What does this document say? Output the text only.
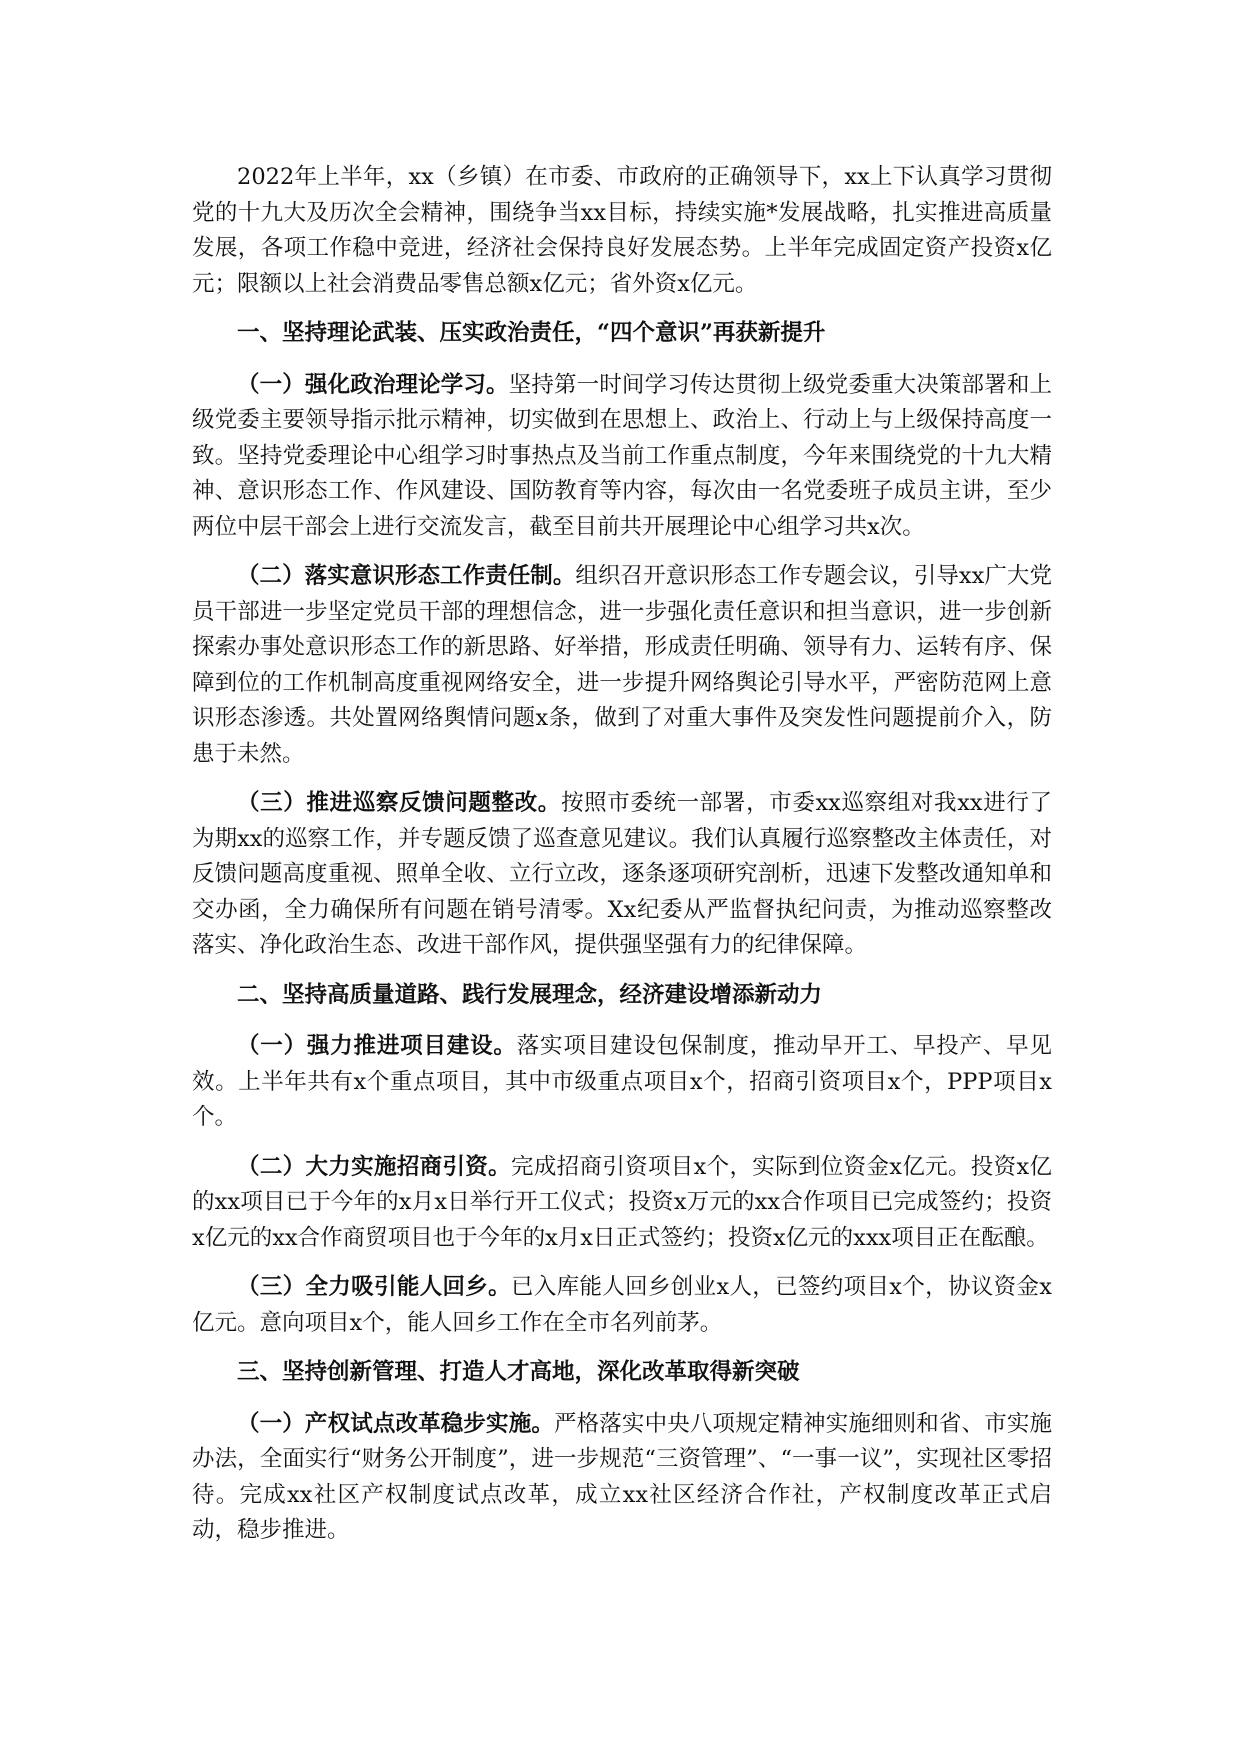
2022年上半年，xx（乡镇）在市委、市政府的正确领导下，xx上下认真学习贯彻党的十九大及历次全会精神，围绕争当xx目标，持续实施*发展战略，扎实推进高质量发展，各项工作稳中竞进，经济社会保持良好发展态势。上半年完成固定资产投资x亿元；限额以上社会消费品零售总额x亿元；省外资x亿元。

一、坚持理论武装、压实政治责任，“四个意识”再获新提升

（一）强化政治理论学习。坚持第一时间学习传达贯彻上级党委重大决策部署和上级党委主要领导指示批示精神，切实做到在思想上、政治上、行动上与上级保持高度一致。坚持党委理论中心组学习时事热点及当前工作重点制度，今年来围绕党的十九大精神、意识形态工作、作风建设、国防教育等内容，每次由一名党委班子成员主讲，至少两位中层干部会上进行交流发言，截至目前共开展理论中心组学习共x次。

（二）落实意识形态工作责任制。组织召开意识形态工作专题会议，引导xx广大党员干部进一步坚定党员干部的理想信念，进一步强化责任意识和担当意识，进一步创新探索办事处意识形态工作的新思路、好举措，形成责任明确、领导有力、运转有序、保障到位的工作机制高度重视网络安全，进一步提升网络舆论引导水平，严密防范网上意识形态渗透。共处置网络舆情问题x条，做到了对重大事件及突发性问题提前介入，防患于未然。

（三）推进巡察反馈问题整改。按照市委统一部署，市委xx巡察组对我xx进行了为期xx的巡察工作，并专题反馈了巡查意见建议。我们认真履行巡察整改主体责任，对反馈问题高度重视、照单全收、立行立改，逐条逐项研究剖析，迅速下发整改通知单和交办函，全力确保所有问题在销号清零。Xx纪委从严监督执纪问责，为推动巡察整改落实、净化政治生态、改进干部作风，提供强坚强有力的纪律保障。

二、坚持高质量道路、践行发展理念，经济建设增添新动力

（一）强力推进项目建设。落实项目建设包保制度，推动早开工、早投产、早见效。上半年共有x个重点项目，其中市级重点项目x个，招商引资项目x个，PPP项目x个。

（二）大力实施招商引资。完成招商引资项目x个，实际到位资金x亿元。投资x亿的xx项目已于今年的x月x日举行开工仪式；投资x万元的xx合作项目已完成签约；投资x亿元的xx合作商贸项目也于今年的x月x日正式签约；投资x亿元的xxx项目正在酝酿。

（三）全力吸引能人回乡。已入库能人回乡创业x人，已签约项目x个，协议资金x亿元。意向项目x个，能人回乡工作在全市名列前茅。

三、坚持创新管理、打造人才高地，深化改革取得新突破

（一）产权试点改革稳步实施。严格落实中央八项规定精神实施细则和省、市实施办法，全面实行“财务公开制度”，进一步规范“三资管理”、“一事一议”，实现社区零招待。完成xx社区产权制度试点改革，成立xx社区经济合作社，产权制度改革正式启动，稳步推进。
